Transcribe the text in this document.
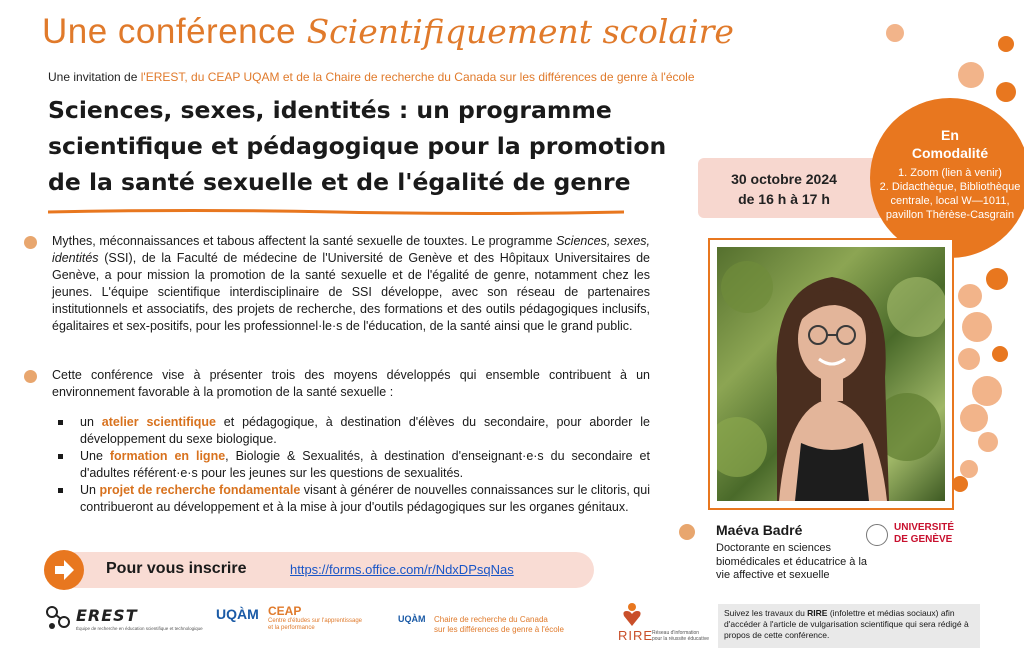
Une conférence Scientifiquement scolaire
Une invitation de l'EREST, du CEAP UQAM et de la Chaire de recherche du Canada sur les différences de genre à l'école
Sciences, sexes, identités : un programme scientifique et pédagogique pour la promotion de la santé sexuelle et de l'égalité de genre	30 octobre 2024
de 16 h à 17 h
En
Comodalité
1. Zoom (lien à venir)
2. Didacthèque, Bibliothèque centrale, local W—1011, pavillon Thérèse-Casgrain
Mythes, méconnaissances et tabous affectent la santé sexuelle de touxtes. Le programme Sciences, sexes, identités (SSI), de la Faculté de médecine de l'Université de Genève et des Hôpitaux Universitaires de Genève, a pour mission la promotion de la santé sexuelle et de l'égalité de genre, notamment chez les jeunes. L'équipe scientifique interdisciplinaire de SSI développe, avec son réseau de partenaires institutionnels et associatifs, des projets de recherche, des formations et des outils pédagogiques inclusifs, égalitaires et sex-positifs, pour les professionnel·le·s de l'éducation, de la santé ainsi que le grand public.
Cette conférence vise à présenter trois des moyens développés qui ensemble contribuent à un environnement favorable à la promotion de la santé sexuelle :
un atelier scientifique et pédagogique, à destination d'élèves du secondaire, pour aborder le développement du sexe biologique.
Une formation en ligne, Biologie & Sexualités, à destination d'enseignant·e·s du secondaire et d'adultes référent·e·s pour les jeunes sur les questions de sexualités.
Un projet de recherche fondamentale visant à générer de nouvelles connaissances sur le clitoris, qui contribueront au développement et à la mise à jour d'outils pédagogiques sur les organes génitaux.
Pour vous inscrire	https://forms.office.com/r/NdxDPsqNas
Maéva Badré
Doctorante en sciences biomédicales et éducatrice à la vie affective et sexuelle
UNIVERSITÉ
DE GENÈVE
EREST
Équipe de recherche en éducation scientifique et technologique
UQÀM CEAP
Centre d'études sur l'apprentissage
et la performance
UQÀM Chaire de recherche du Canada
sur les différences de genre à l'école	RIRE
Réseau d'information
pour la réussite éducative
Suivez les travaux du RIRE (infolettre et médias sociaux) afin d'accéder à l'article de vulgarisation scientifique qui sera rédigé à propos de cette conférence.
